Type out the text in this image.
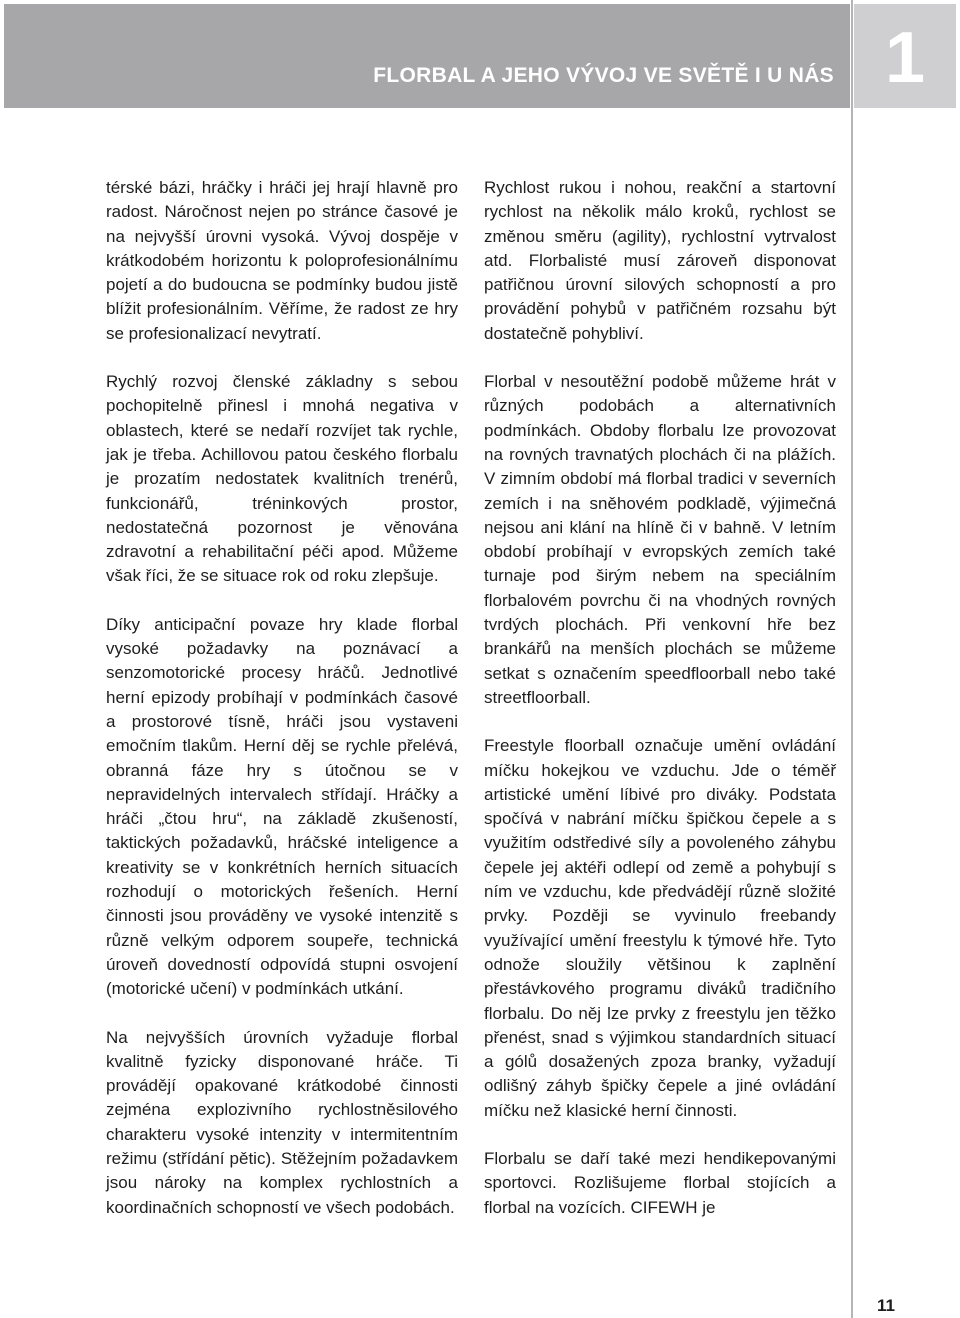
FLORBAL A JEHO VÝVOJ VE SVĚTĚ I U NÁS 1

térské bázi, hráčky i hráči jej hrají hlavně pro radost. Náročnost nejen po stránce časové je na nejvyšší úrovni vysoká. Vývoj dospěje v krátkodobém horizontu k poloprofesionálnímu pojetí a do budoucna se podmínky budou jistě blížit profesionálním. Věříme, že radost ze hry se profesionalizací nevytratí.

Rychlý rozvoj členské základny s sebou pochopitelně přinesl i mnohá negativa v oblastech, které se nedaří rozvíjet tak rychle, jak je třeba. Achillovou patou českého florbalu je prozatím nedostatek kvalitních trenérů, funkcionářů, tréninkových prostor, nedostatečná pozornost je věnována zdravotní a rehabilitační péči apod. Můžeme však říci, že se situace rok od roku zlepšuje.

Díky anticipační povaze hry klade florbal vysoké požadavky na poznávací a senzomotorické procesy hráčů. Jednotlivé herní epizody probíhají v podmínkách časové a prostorové tísně, hráči jsou vystaveni emočním tlakům. Herní děj se rychle přelévá, obranná fáze hry s útočnou se v nepravidelných intervalech střídají. Hráčky a hráči „čtou hru“, na základě zkušeností, taktických požadavků, hráčské inteligence a kreativity se v konkrétních herních situacích rozhodují o motorických řešeních. Herní činnosti jsou prováděny ve vysoké intenzitě s různě velkým odporem soupeře, technická úroveň dovedností odpovídá stupni osvojení (motorické učení) v podmínkách utkání.

Na nejvyšších úrovních vyžaduje florbal kvalitně fyzicky disponované hráče. Ti provádějí opakované krátkodobé činnosti zejména explozivního rychlostněsilového charakteru vysoké intenzity v intermitentním režimu (střídání pětic). Stěžejním požadavkem jsou nároky na komplex rychlostních a koordinačních schopností ve všech podobách.

Rychlost rukou i nohou, reakční a startovní rychlost na několik málo kroků, rychlost se změnou směru (agility), rychlostní vytrvalost atd. Florbalisté musí zároveň disponovat patřičnou úrovní silových schopností a pro provádění pohybů v patřičném rozsahu být dostatečně pohybliví.

Florbal v nesoutěžní podobě můžeme hrát v různých podobách a alternativních podmínkách. Obdoby florbalu lze provozovat na rovných travnatých plochách či na plážích. V zimním období má florbal tradici v severních zemích i na sněhovém podkladě, výjimečná nejsou ani klání na hlíně či v bahně. V letním období probíhají v evropských zemích také turnaje pod širým nebem na speciálním florbalovém povrchu či na vhodných rovných tvrdých plochách. Při venkovní hře bez brankářů na menších plochách se můžeme setkat s označením speedfloorball nebo také streetfloorball.

Freestyle floorball označuje umění ovládání míčku hokejkou ve vzduchu. Jde o téměř artistické umění líbivé pro diváky. Podstata spočívá v nabrání míčku špičkou čepele a s využitím odstředivé síly a povoleného záhybu čepele jej aktéři odlepí od země a pohybují s ním ve vzduchu, kde předvádějí různě složité prvky. Později se vyvinulo freebandy využívající umění freestylu k týmové hře. Tyto odnože sloužily většinou k zaplnění přestávkového programu diváků tradičního florbalu. Do něj lze prvky z freestylu jen těžko přenést, snad s výjimkou standardních situací a gólů dosažených zpoza branky, vyžadují odlišný záhyb špičky čepele a jiné ovládání míčku než klasické herní činnosti.

Florbalu se daří také mezi hendikepovanými sportovci. Rozlišujeme florbal stojících a florbal na vozících. CIFEWH je

11
